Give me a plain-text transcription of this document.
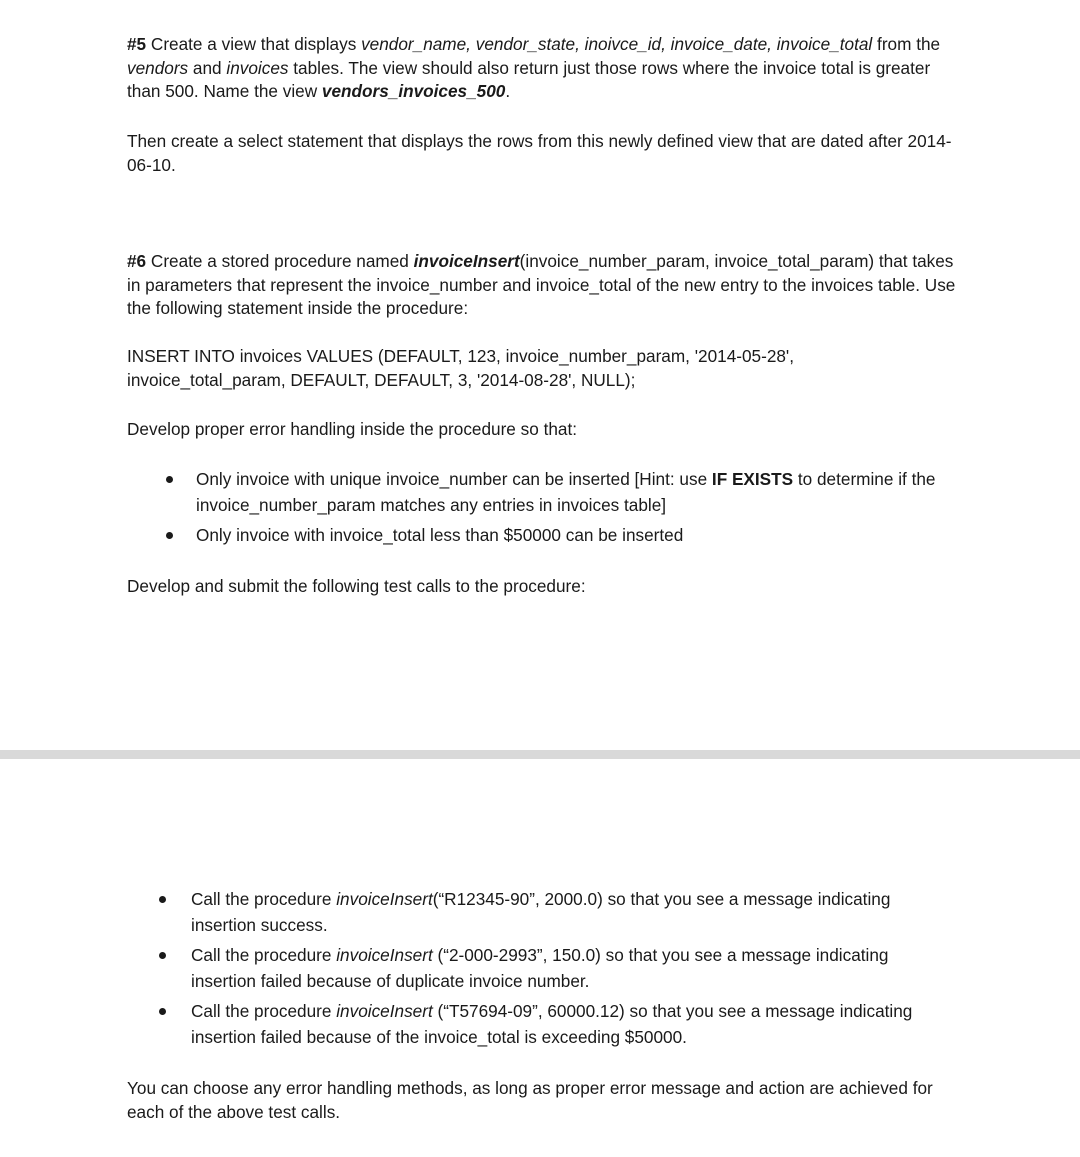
#5 Create a view that displays vendor_name, vendor_state, inoivce_id, invoice_date, invoice_total from the vendors and invoices tables. The view should also return just those rows where the invoice total is greater than 500. Name the view vendors_invoices_500.

Then create a select statement that displays the rows from this newly defined view that are dated after 2014-06-10.

#6 Create a stored procedure named invoiceInsert(invoice_number_param, invoice_total_param) that takes in parameters that represent the invoice_number and invoice_total of the new entry to the invoices table. Use the following statement inside the procedure:

INSERT INTO invoices VALUES (DEFAULT, 123, invoice_number_param, '2014-05-28',
invoice_total_param, DEFAULT, DEFAULT, 3, '2014-08-28', NULL);

Develop proper error handling inside the procedure so that:

Only invoice with unique invoice_number can be inserted [Hint: use IF EXISTS to determine if the invoice_number_param matches any entries in invoices table]
Only invoice with invoice_total less than $50000 can be inserted

Develop and submit the following test calls to the procedure:

Call the procedure invoiceInsert(“R12345-90”, 2000.0) so that you see a message indicating insertion success.
Call the procedure invoiceInsert (“2-000-2993”, 150.0) so that you see a message indicating insertion failed because of duplicate invoice number.
Call the procedure invoiceInsert (“T57694-09”, 60000.12) so that you see a message indicating insertion failed because of the invoice_total is exceeding $50000.

You can choose any error handling methods, as long as proper error message and action are achieved for each of the above test calls.
